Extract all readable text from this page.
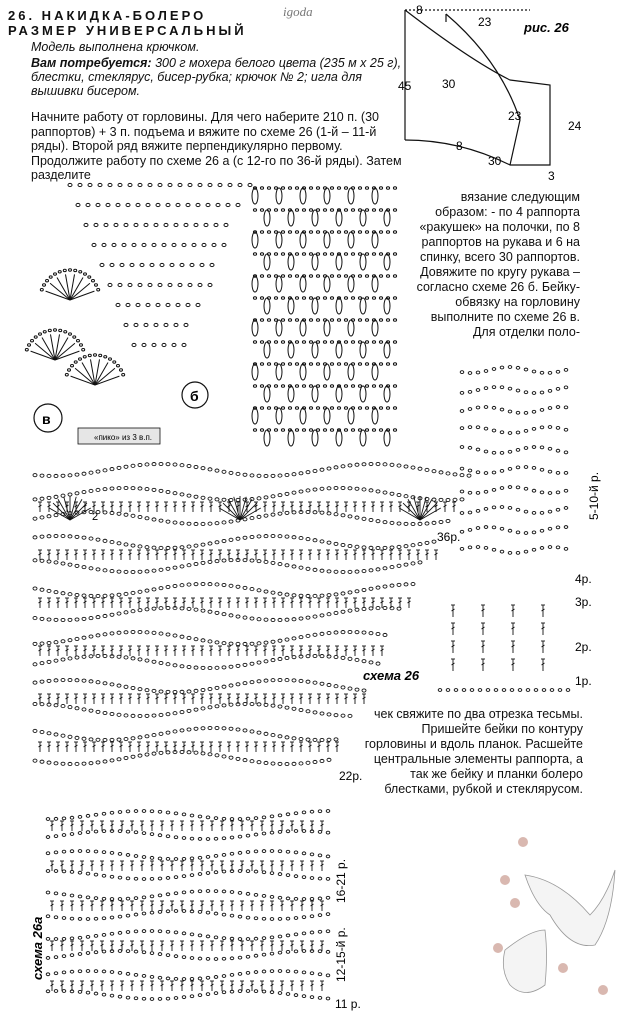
26. НАКИДКА-БОЛЕРО
РАЗМЕР УНИВЕРСАЛЬНЫЙ
igoda
Модель выполнена крючком.
Вам потребуется: 300 г мохера белого цвета (235 м х 25 г), блестки, стеклярус, бисер-рубка; крючок № 2; игла для вышивки бисером.
Начните работу от горловины. Для чего наберите 210 п. (30 раппортов) + 3 п. подъема и вяжите по схеме 26 (1-й – 11-й ряды). Второй ряд вяжите перпендикулярно первому. Продолжите работу по схеме 26 а (с 12-го по 36-й ряды). Затем разделите
вязание следующим образом: - по 4 раппорта «ракушек» на полочки, по 8 раппортов на рукава и 6 на спинку, всего 30 раппортов. Довяжите по кругу рукава – согласно схеме 26 б. Бейку-обвязку на горловину выполните по схеме 26 в. Для отделки поло-
чек свяжите по два отрезка тесьмы. Пришейте бейки по контуру горловины и вдоль планок. Расшейте центральные элементы раппорта, а так же бейку и планки болеро блестками, рубкой и стеклярусом.
8
23
45	30
23
24
8
30
3
рис. 26
б
в
«пико» из 3 в.п.
схема 26
схема 26а
36р.
22р.
5-10-й р.
4р.
3р.
2р.
1р.
16-21 р.
12-15-й р.
11 р.
2
